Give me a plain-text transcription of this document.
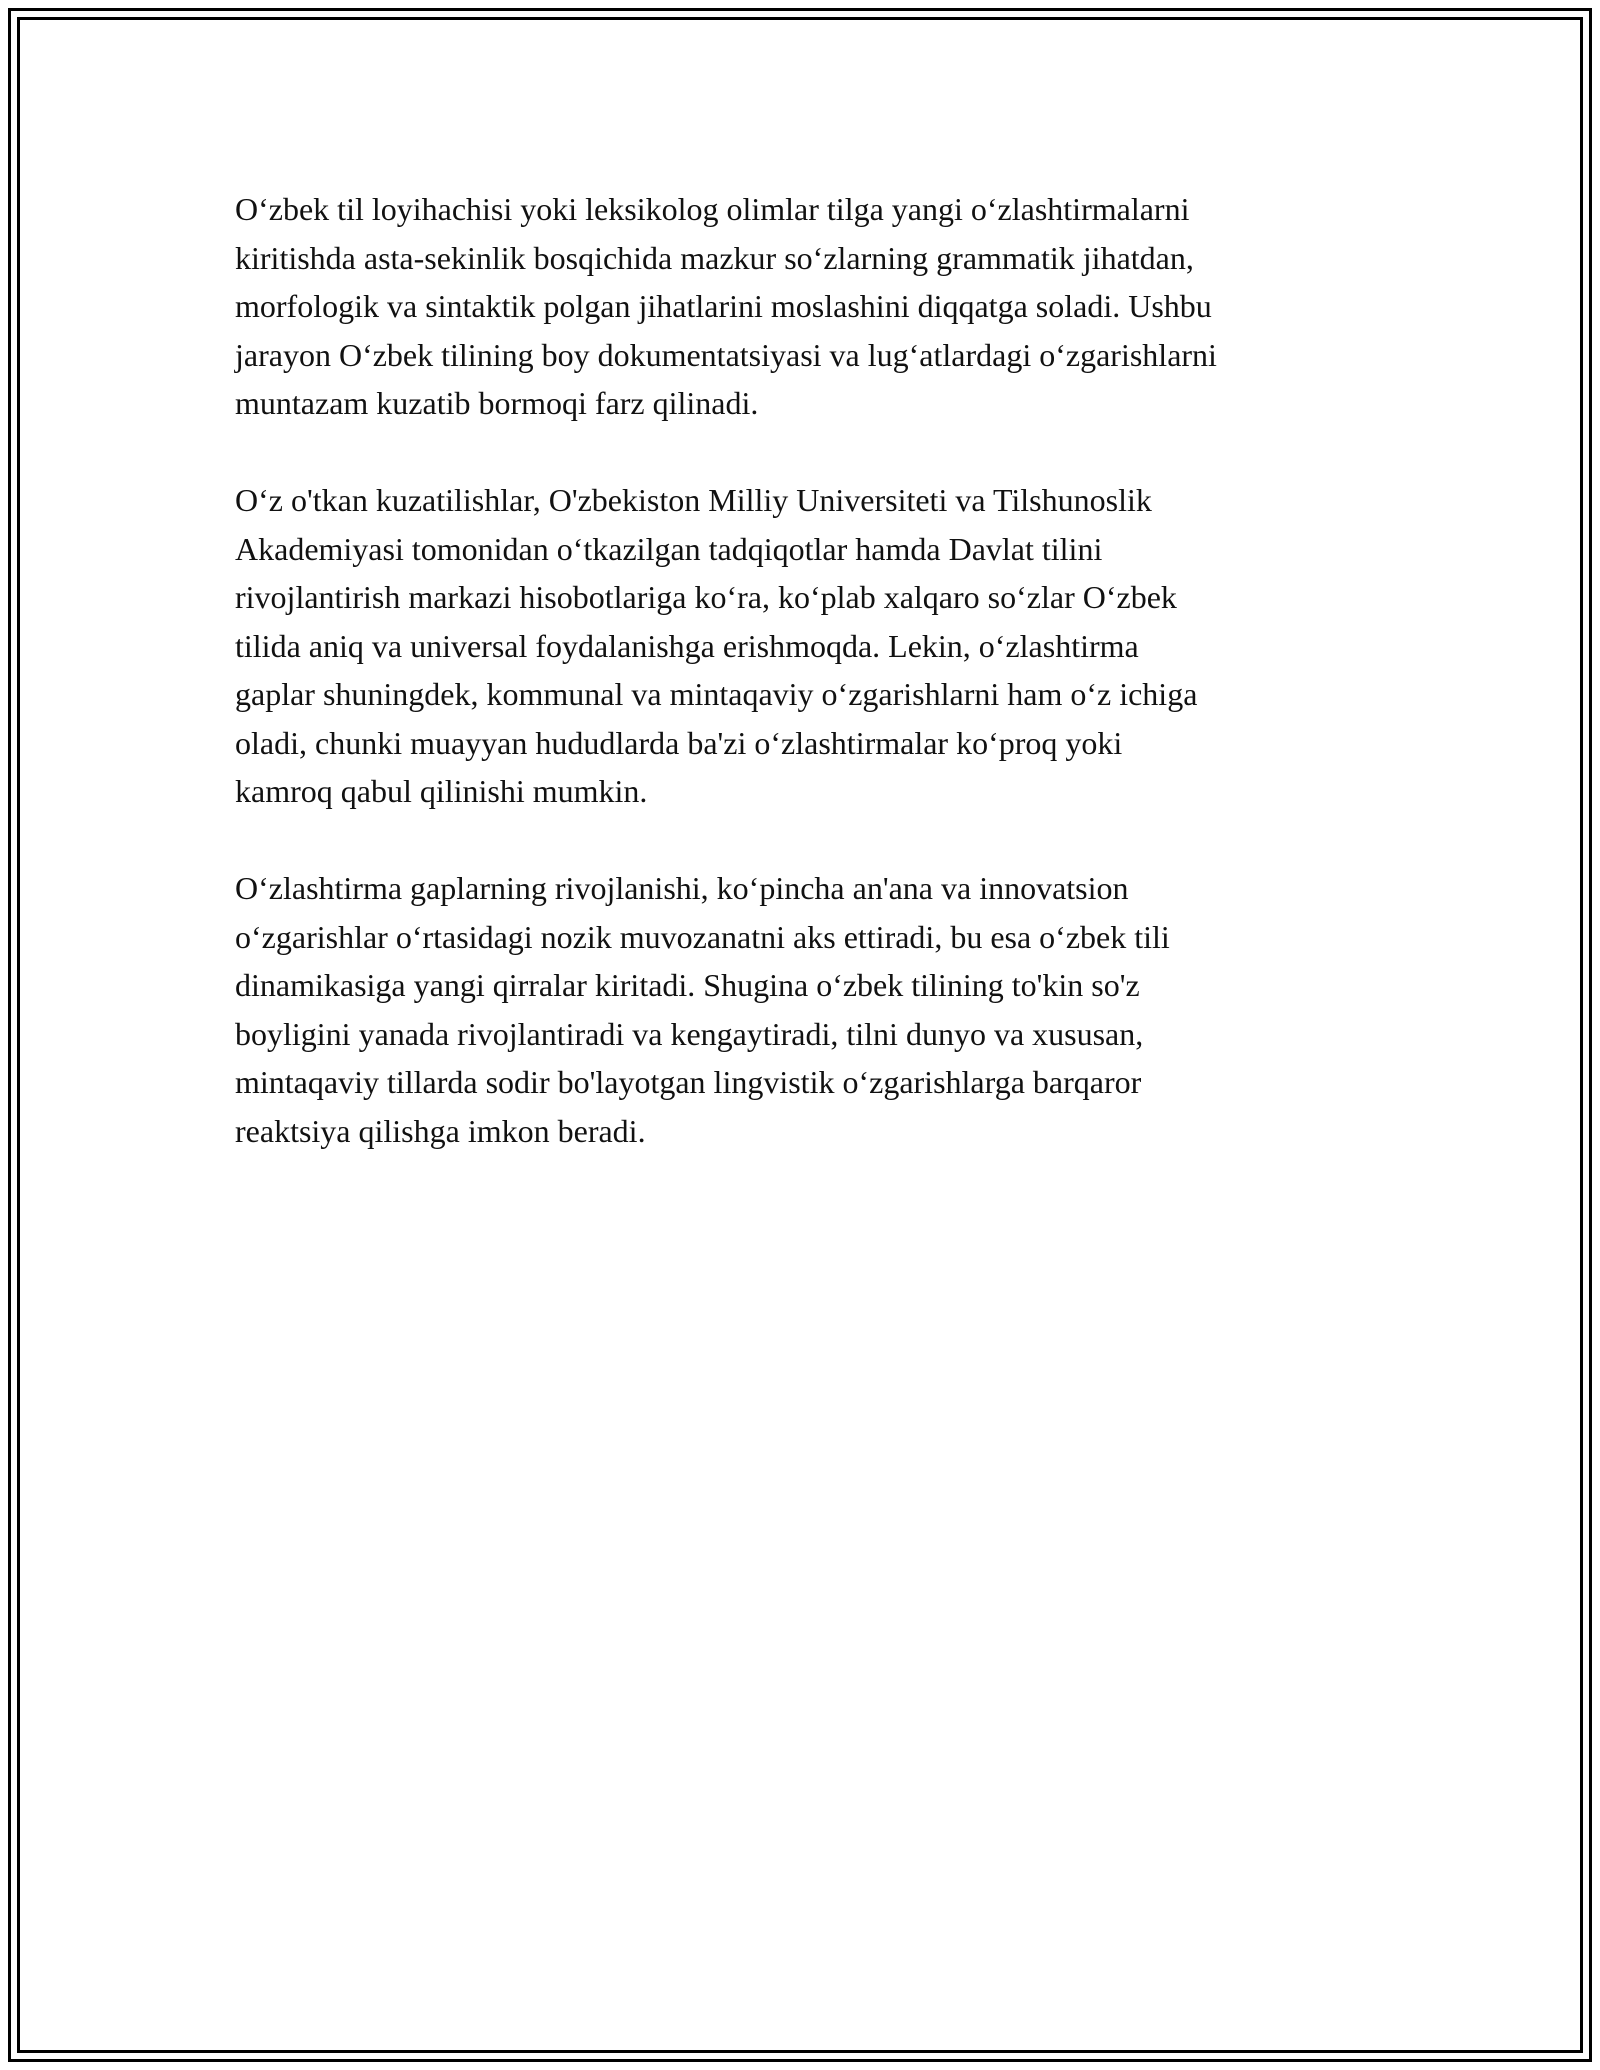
O‘zbek til loyihachisi yoki leksikolog olimlar tilga yangi o‘zlashtirmalarni
kiritishda asta-sekinlik bosqichida mazkur so‘zlarning grammatik jihatdan,
morfologik va sintaktik polgan jihatlarini moslashini diqqatga soladi. Ushbu
jarayon O‘zbek tilining boy dokumentatsiyasi va lug‘atlardagi o‘zgarishlarni
muntazam kuzatib bormoqi farz qilinadi.

O‘z o'tkan kuzatilishlar, O'zbekiston Milliy Universiteti va Tilshunoslik
Akademiyasi tomonidan o‘tkazilgan tadqiqotlar hamda Davlat tilini
rivojlantirish markazi hisobotlariga ko‘ra, ko‘plab xalqaro so‘zlar O‘zbek
tilida aniq va universal foydalanishga erishmoqda. Lekin, o‘zlashtirma
gaplar shuningdek, kommunal va mintaqaviy o‘zgarishlarni ham o‘z ichiga
oladi, chunki muayyan hududlarda ba'zi o‘zlashtirmalar ko‘proq yoki
kamroq qabul qilinishi mumkin.

O‘zlashtirma gaplarning rivojlanishi, ko‘pincha an'ana va innovatsion
o‘zgarishlar o‘rtasidagi nozik muvozanatni aks ettiradi, bu esa o‘zbek tili
dinamikasiga yangi qirralar kiritadi. Shugina o‘zbek tilining to'kin so'z
boyligini yanada rivojlantiradi va kengaytiradi, tilni dunyo va xususan,
mintaqaviy tillarda sodir bo'layotgan lingvistik o‘zgarishlarga barqaror
reaktsiya qilishga imkon beradi.
